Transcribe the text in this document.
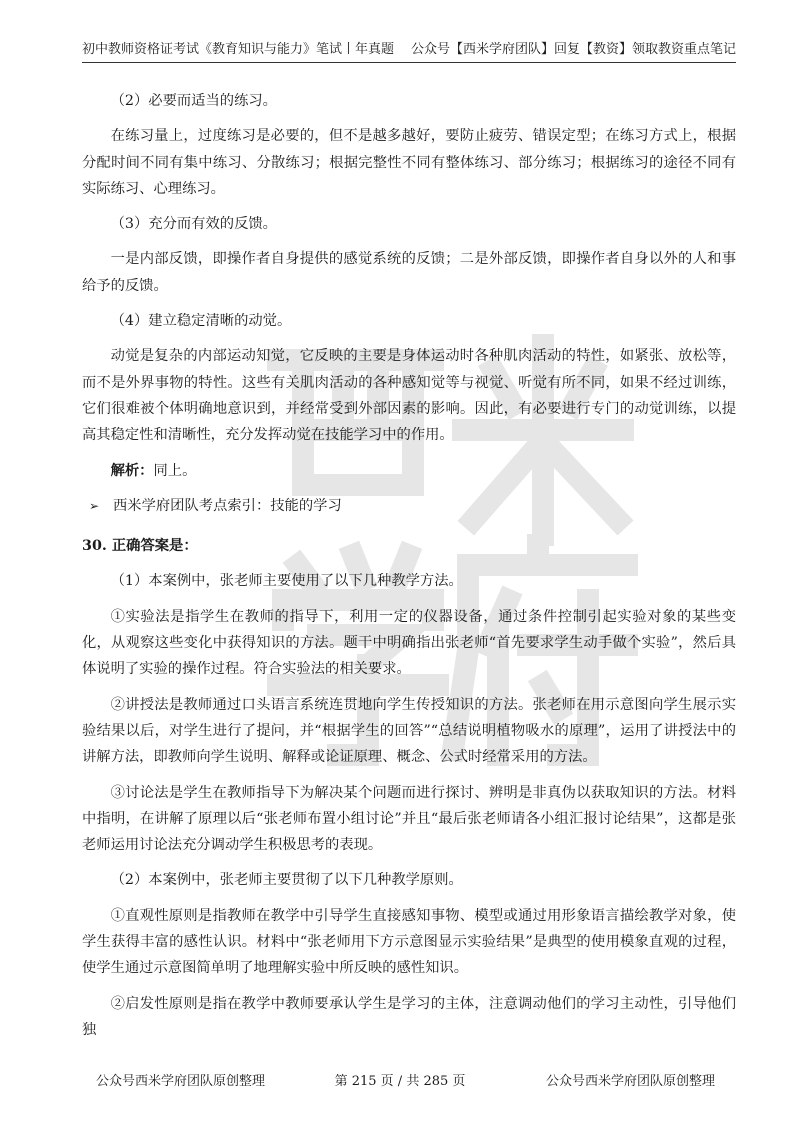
初中教师资格证考试《教育知识与能力》笔试丨年真题 公众号【西米学府团队】回复【教资】领取教资重点笔记

（2）必要而适当的练习。

在练习量上，过度练习是必要的，但不是越多越好，要防止疲劳、错误定型；在练习方式上，根据分配时间不同有集中练习、分散练习；根据完整性不同有整体练习、部分练习；根据练习的途径不同有实际练习、心理练习。

（3）充分而有效的反馈。

一是内部反馈，即操作者自身提供的感觉系统的反馈；二是外部反馈，即操作者自身以外的人和事给予的反馈。

（4）建立稳定清晰的动觉。

动觉是复杂的内部运动知觉，它反映的主要是身体运动时各种肌肉活动的特性，如紧张、放松等，而不是外界事物的特性。这些有关肌肉活动的各种感知觉等与视觉、听觉有所不同，如果不经过训练，它们很难被个体明确地意识到，并经常受到外部因素的影响。因此，有必要进行专门的动觉训练，以提高其稳定性和清晰性，充分发挥动觉在技能学习中的作用。

解析：同上。

➢ 西米学府团队考点索引：技能的学习

30. 正确答案是：

（1）本案例中，张老师主要使用了以下几种教学方法。

①实验法是指学生在教师的指导下，利用一定的仪器设备，通过条件控制引起实验对象的某些变化，从观察这些变化中获得知识的方法。题干中明确指出张老师“首先要求学生动手做个实验”，然后具体说明了实验的操作过程。符合实验法的相关要求。

②讲授法是教师通过口头语言系统连贯地向学生传授知识的方法。张老师在用示意图向学生展示实验结果以后，对学生进行了提问，并“根据学生的回答”“总结说明植物吸水的原理”，运用了讲授法中的讲解方法，即教师向学生说明、解释或论证原理、概念、公式时经常采用的方法。

③讨论法是学生在教师指导下为解决某个问题而进行探讨、辨明是非真伪以获取知识的方法。材料中指明，在讲解了原理以后“张老师布置小组讨论”并且“最后张老师请各小组汇报讨论结果”，这都是张老师运用讨论法充分调动学生积极思考的表现。

（2）本案例中，张老师主要贯彻了以下几种教学原则。

①直观性原则是指教师在教学中引导学生直接感知事物、模型或通过用形象语言描绘教学对象，使学生获得丰富的感性认识。材料中“张老师用下方示意图显示实验结果”是典型的使用模象直观的过程，使学生通过示意图简单明了地理解实验中所反映的感性知识。

②启发性原则是指在教学中教师要承认学生是学习的主体，注意调动他们的学习主动性，引导他们独

公众号西米学府团队原创整理	第 215 页 / 共 285 页	公众号西米学府团队原创整理
